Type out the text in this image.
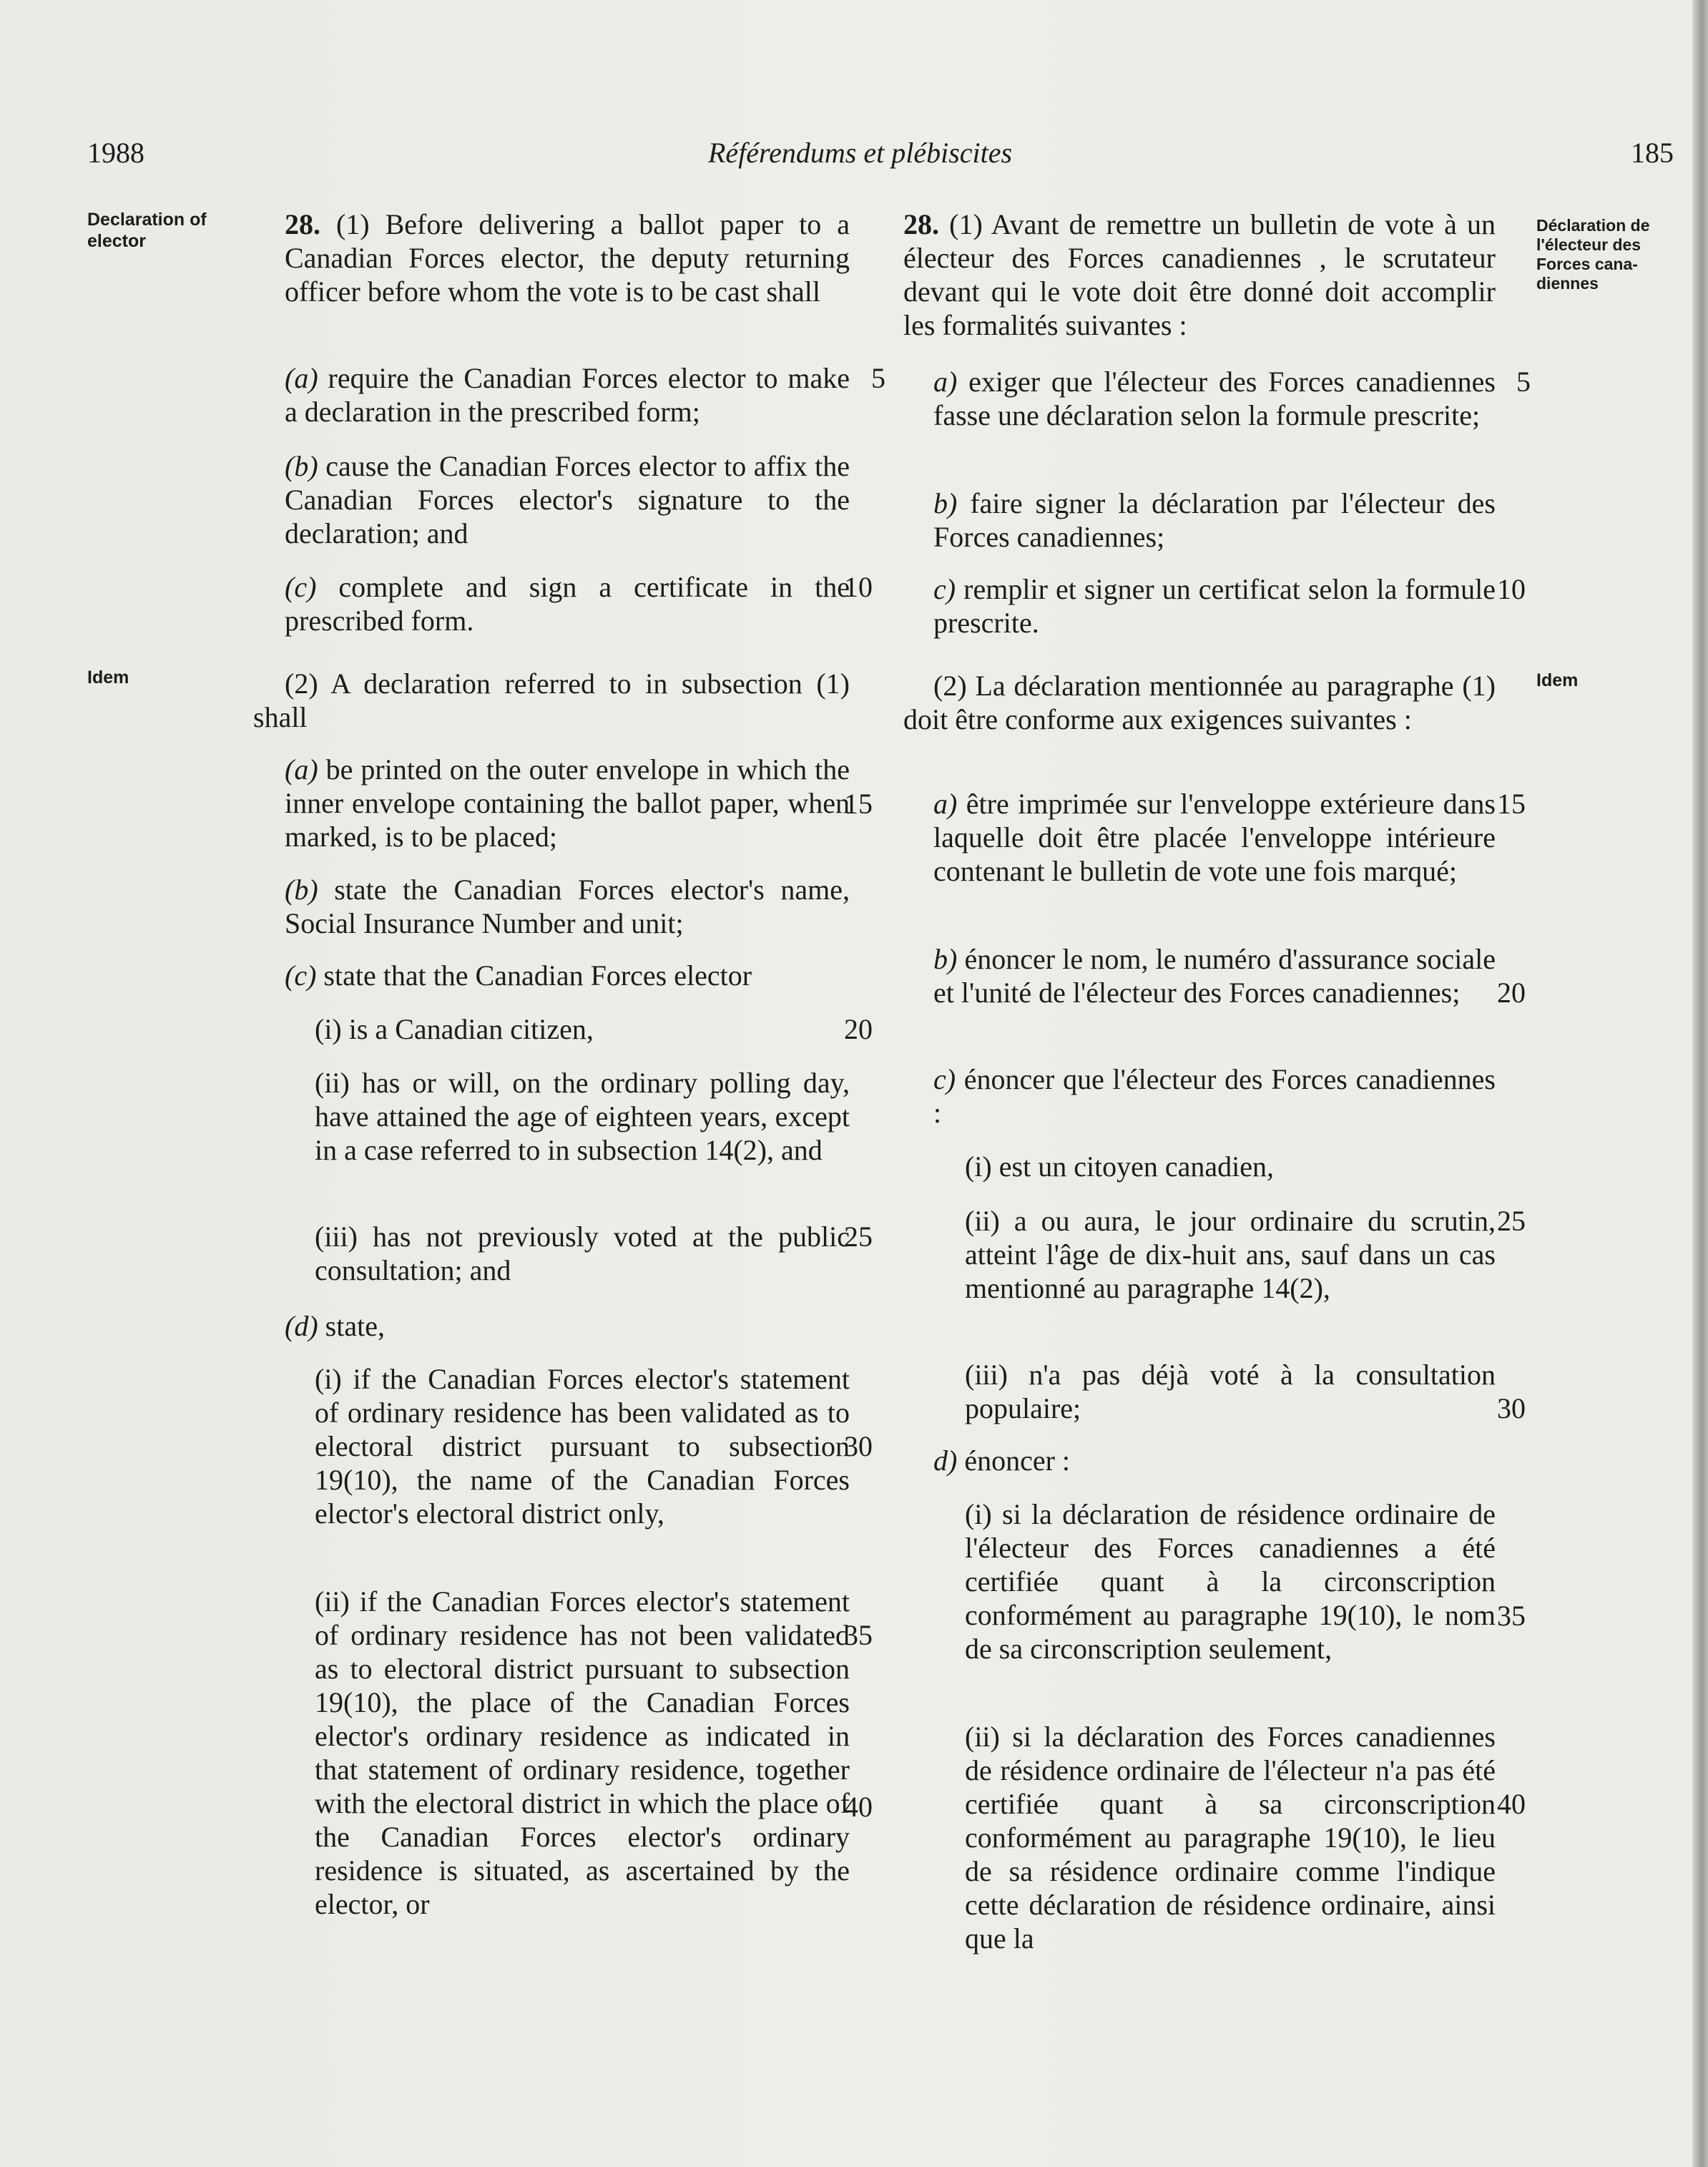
1988	Référendums et plébiscites	185
Declaration of elector
Idem
Déclaration de l'électeur des Forces cana-diennes
Idem

28. (1) Before delivering a ballot paper to a Canadian Forces elector, the deputy returning officer before whom the vote is to be cast shall

(a) require the Canadian Forces elector to make a declaration in the prescribed form;

(b) cause the Canadian Forces elector to affix the Canadian Forces elector's signature to the declaration; and

(c) complete and sign a certificate in the prescribed form.

(2) A declaration referred to in subsection (1) shall

(a) be printed on the outer envelope in which the inner envelope containing the ballot paper, when marked, is to be placed;

(b) state the Canadian Forces elector's name, Social Insurance Number and unit;

(c) state that the Canadian Forces elector

(i) is a Canadian citizen,

(ii) has or will, on the ordinary polling day, have attained the age of eighteen years, except in a case referred to in subsection 14(2), and

(iii) has not previously voted at the public consultation; and

(d) state,

(i) if the Canadian Forces elector's statement of ordinary residence has been validated as to electoral district pursuant to subsection 19(10), the name of the Canadian Forces elector's electoral district only,

(ii) if the Canadian Forces elector's statement of ordinary residence has not been validated as to electoral district pursuant to subsection 19(10), the place of the Canadian Forces elector's ordinary residence as indicated in that statement of ordinary residence, together with the electoral district in which the place of the Canadian Forces elector's ordinary residence is situated, as ascertained by the elector, or

5
10
15
20
25
30
35
40

28. (1) Avant de remettre un bulletin de vote à un électeur des Forces canadiennes , le scrutateur devant qui le vote doit être donné doit accomplir les formalités suivantes :

a) exiger que l'électeur des Forces canadiennes fasse une déclaration selon la formule prescrite;

b) faire signer la déclaration par l'électeur des Forces canadiennes;

c) remplir et signer un certificat selon la formule prescrite.

(2) La déclaration mentionnée au paragraphe (1) doit être conforme aux exigences suivantes :

a) être imprimée sur l'enveloppe extérieure dans laquelle doit être placée l'enveloppe intérieure contenant le bulletin de vote une fois marqué;

b) énoncer le nom, le numéro d'assurance sociale et l'unité de l'électeur des Forces canadiennes;

c) énoncer que l'électeur des Forces canadiennes :

(i) est un citoyen canadien,

(ii) a ou aura, le jour ordinaire du scrutin, atteint l'âge de dix-huit ans, sauf dans un cas mentionné au paragraphe 14(2),

(iii) n'a pas déjà voté à la consultation populaire;

d) énoncer :

(i) si la déclaration de résidence ordinaire de l'électeur des Forces canadiennes a été certifiée quant à la circonscription conformément au paragraphe 19(10), le nom de sa circonscription seulement,

(ii) si la déclaration des Forces canadiennes de résidence ordinaire de l'électeur n'a pas été certifiée quant à sa circonscription conformément au paragraphe 19(10), le lieu de sa résidence ordinaire comme l'indique cette déclaration de résidence ordinaire, ainsi que la

5
10
15
20
25
30
35
40
